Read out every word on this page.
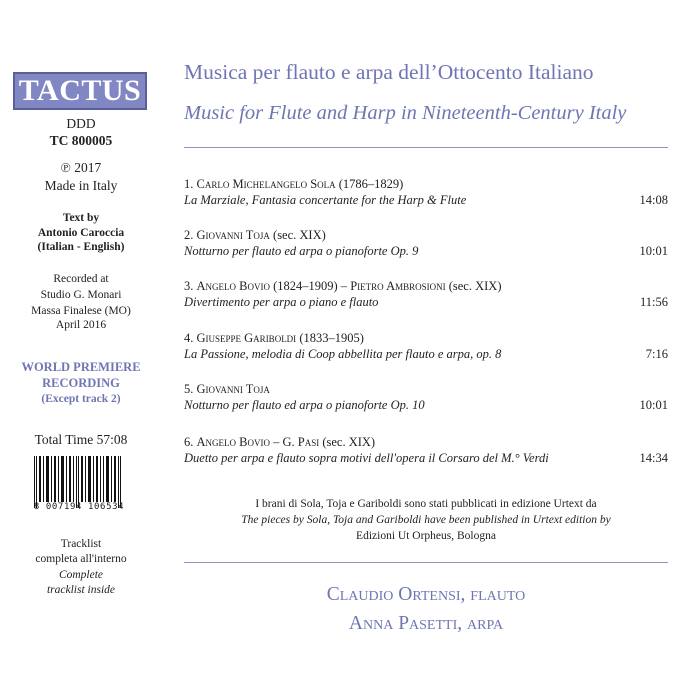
TACTUS
DDD
TC 800005
℗ 2017
Made in Italy
Text by
Antonio Caroccia
(Italian - English)
Recorded at
Studio G. Monari
Massa Finalese (MO)
April 2016
WORLD PREMIERE
RECORDING
(Except track 2)
Total Time 57:08
8 007194 106534
Tracklist
completa all'interno
Complete
tracklist inside
Musica per flauto e arpa dell’Ottocento Italiano
Music for Flute and Harp in Nineteenth-Century Italy
1. Carlo Michelangelo Sola (1786–1829)
La Marziale, Fantasia concertante for the Harp & Flute	14:08
2. Giovanni Toja (sec. XIX)
Notturno per flauto ed arpa o pianoforte Op. 9	10:01
3. Angelo Bovio (1824–1909) – Pietro Ambrosioni (sec. XIX)
Divertimento per arpa o piano e flauto	11:56
4. Giuseppe Gariboldi (1833–1905)
La Passione, melodia di Coop abbellita per flauto e arpa, op. 8	7:16
5. Giovanni Toja
Notturno per flauto ed arpa o pianoforte Op. 10	10:01
6. Angelo Bovio – G. Pasi (sec. XIX)
Duetto per arpa e flauto sopra motivi dell'opera il Corsaro del M.° Verdi	14:34
I brani di Sola, Toja e Gariboldi sono stati pubblicati in edizione Urtext da
The pieces by Sola, Toja and Gariboldi have been published in Urtext edition by
Edizioni Ut Orpheus, Bologna
Claudio Ortensi, flauto
Anna Pasetti, arpa
